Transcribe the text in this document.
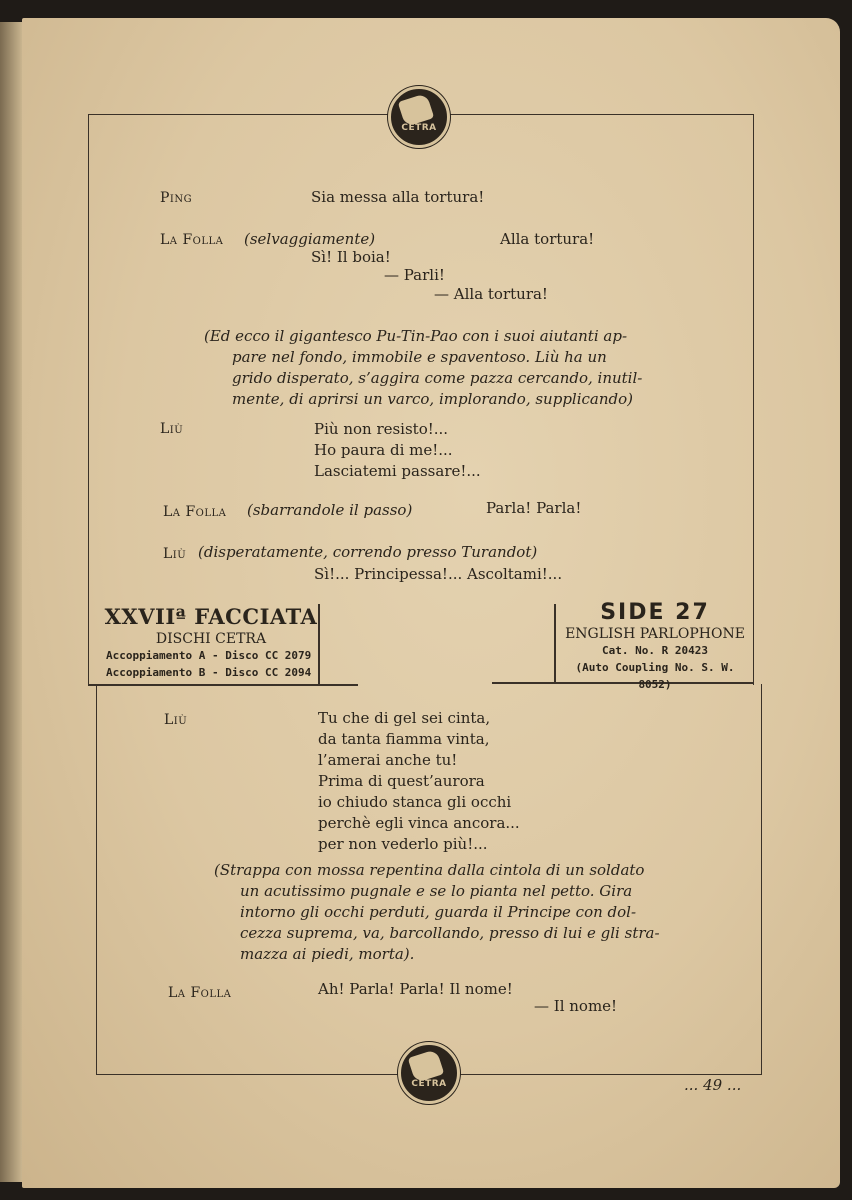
CETRA
Ping	Sia messa alla tortura!
La Folla (selvaggiamente)	Alla tortura!
Sì! Il boia!
— Parli!
— Alla tortura!
(Ed ecco il gigantesco Pu-Tin-Pao con i suoi aiutanti ap-
pare nel fondo, immobile e spaventoso. Liù ha un
grido disperato, s’aggira come pazza cercando, inutil-
mente, di aprirsi un varco, implorando, supplicando)
Liù	Più non resisto!...
Ho paura di me!...
Lasciatemi passare!...
La Folla (sbarrandole il passo)	Parla! Parla!
Liù (disperatamente, correndo presso Turandot)
Sì!... Principessa!... Ascoltami!...
XXVIIª FACCIATA
DISCHI CETRA
Accoppiamento A - Disco CC 2079
Accoppiamento B - Disco CC 2094
SIDE 27
ENGLISH PARLOPHONE
Cat. No. R 20423
(Auto Coupling No. S. W. 8052)
Liù	Tu che di gel sei cinta,
da tanta fiamma vinta,
l’amerai anche tu!
Prima di quest’aurora
io chiudo stanca gli occhi
perchè egli vinca ancora...
per non vederlo più!...
(Strappa con mossa repentina dalla cintola di un soldato
un acutissimo pugnale e se lo pianta nel petto. Gira
intorno gli occhi perduti, guarda il Principe con dol-
cezza suprema, va, barcollando, presso di lui e gli stra-
mazza ai piedi, morta).
La Folla	Ah! Parla! Parla! Il nome!
— Il nome!
CETRA	... 49 ...
